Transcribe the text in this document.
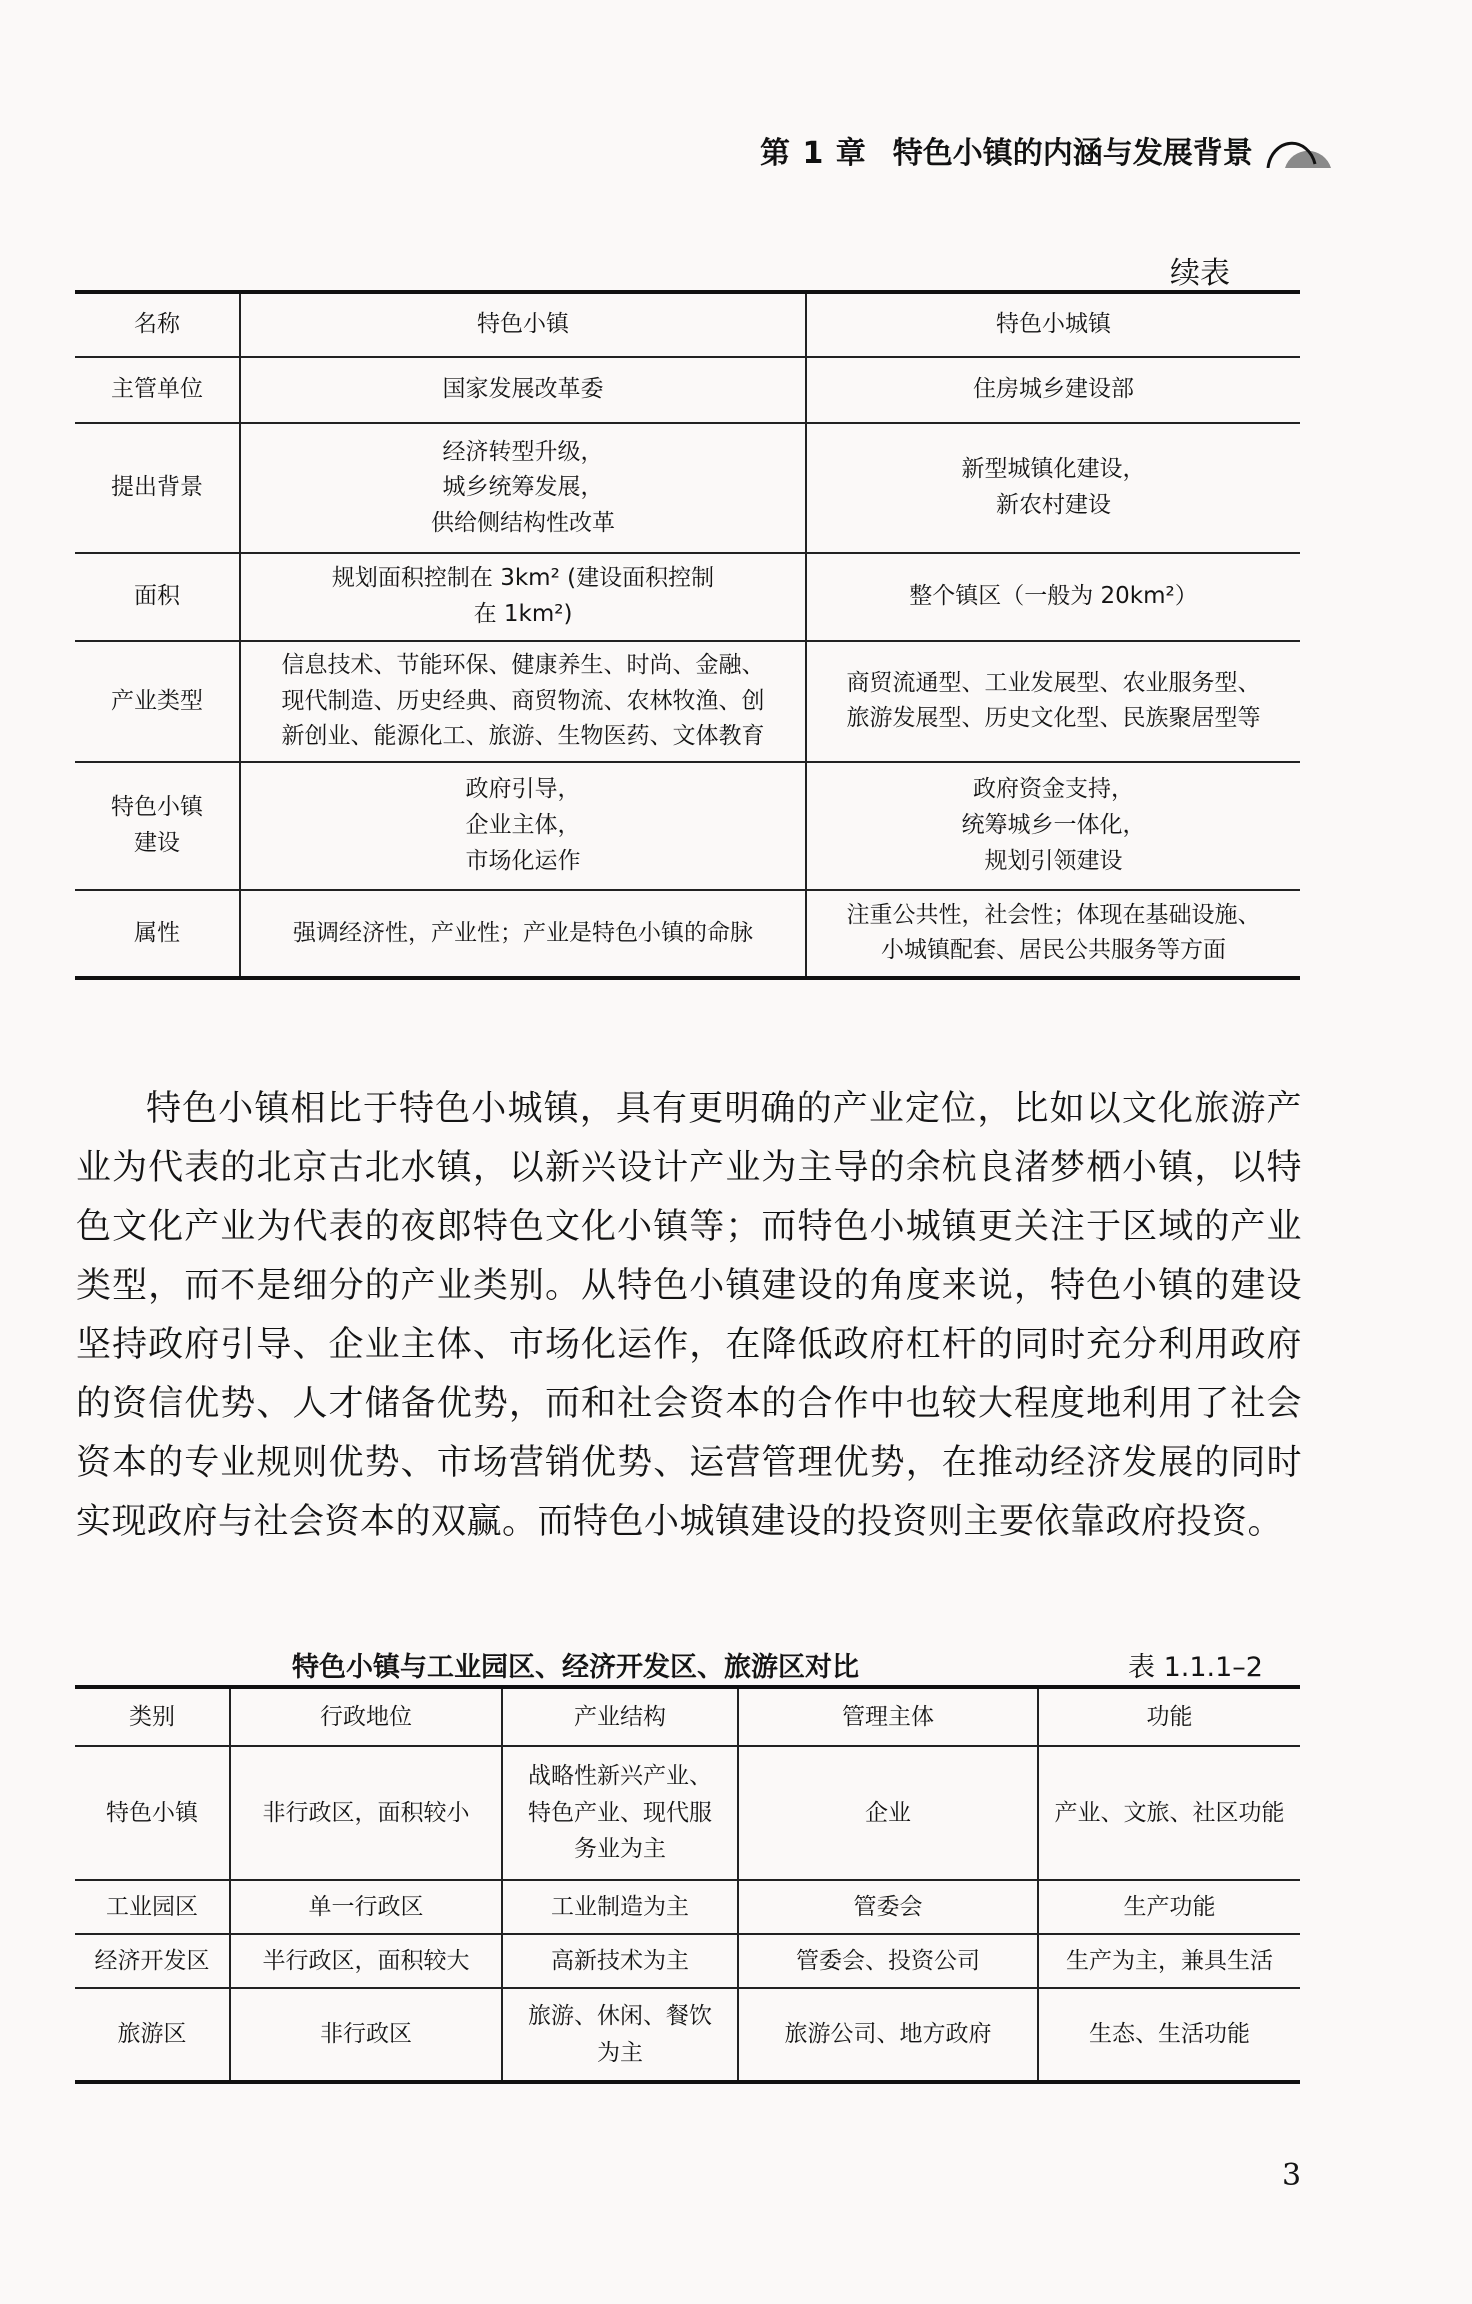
第 1 章 特色小镇的内涵与发展背景
续表
名称	特色小镇	特色小城镇

主管单位	国家发展改革委	住房城乡建设部

提出背景	经济转型升级，
城乡统筹发展，
供给侧结构性改革	新型城镇化建设，
新农村建设

面积	规划面积控制在 3km² (建设面积控制
在 1km²)	整个镇区（一般为 20km²）

产业类型	信息技术、节能环保、健康养生、时尚、金融、
现代制造、历史经典、商贸物流、农林牧渔、创
新创业、能源化工、旅游、生物医药、文体教育	商贸流通型、工业发展型、农业服务型、
旅游发展型、历史文化型、民族聚居型等

特色小镇
建设	政府引导，
企业主体，
市场化运作	政府资金支持，
统筹城乡一体化，
规划引领建设

属性	强调经济性，产业性；产业是特色小镇的命脉	注重公共性，社会性；体现在基础设施、
小城镇配套、居民公共服务等方面
特色小镇相比于特色小城镇，具有更明确的产业定位，比如以文化旅游产业为代表的北京古北水镇，以新兴设计产业为主导的余杭良渚梦栖小镇，以特色文化产业为代表的夜郎特色文化小镇等；而特色小城镇更关注于区域的产业类型，而不是细分的产业类别。从特色小镇建设的角度来说，特色小镇的建设坚持政府引导、企业主体、市场化运作，在降低政府杠杆的同时充分利用政府的资信优势、人才储备优势，而和社会资本的合作中也较大程度地利用了社会资本的专业规则优势、市场营销优势、运营管理优势，在推动经济发展的同时实现政府与社会资本的双赢。而特色小城镇建设的投资则主要依靠政府投资。
特色小镇与工业园区、经济开发区、旅游区对比	表 1.1.1–2
类别	行政地位	产业结构	管理主体	功能

特色小镇	非行政区，面积较小	战略性新兴产业、
特色产业、现代服
务业为主	企业	产业、文旅、社区功能

工业园区	单一行政区	工业制造为主	管委会	生产功能

经济开发区	半行政区，面积较大	高新技术为主	管委会、投资公司	生产为主，兼具生活

旅游区	非行政区	旅游、休闲、餐饮
为主	旅游公司、地方政府	生态、生活功能
3
